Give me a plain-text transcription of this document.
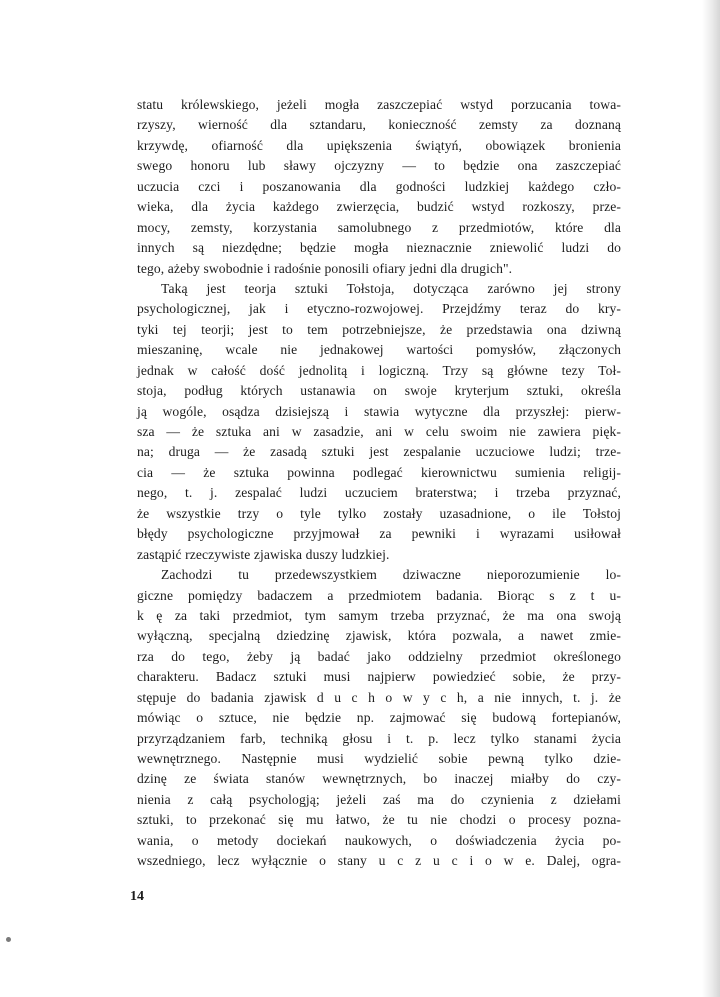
statu królewskiego, jeżeli mogła zaszczepiać wstyd porzucania towa-
rzyszy, wierność dla sztandaru, konieczność zemsty za doznaną
krzywdę, ofiarność dla upiększenia świątyń, obowiązek bronienia
swego honoru lub sławy ojczyzny — to będzie ona zaszczepiać
uczucia czci i poszanowania dla godności ludzkiej każdego czło-
wieka, dla życia każdego zwierzęcia, budzić wstyd rozkoszy, prze-
mocy, zemsty, korzystania samolubnego z przedmiotów, które dla
innych są niezdędne; będzie mogła nieznacznie zniewolić ludzi do
tego, ażeby swobodnie i radośnie ponosili ofiary jedni dla drugich".
Taką jest teorja sztuki Tołstoja, dotycząca zarówno jej strony
psychologicznej, jak i etyczno-rozwojowej. Przejdźmy teraz do kry-
tyki tej teorji; jest to tem potrzebniejsze, że przedstawia ona dziwną
mieszaninę, wcale nie jednakowej wartości pomysłów, złączonych
jednak w całość dość jednolitą i logiczną. Trzy są główne tezy Toł-
stoja, podług których ustanawia on swoje kryterjum sztuki, określa
ją wogóle, osądza dzisiejszą i stawia wytyczne dla przyszłej: pierw-
sza — że sztuka ani w zasadzie, ani w celu swoim nie zawiera pięk-
na; druga — że zasadą sztuki jest zespalanie uczuciowe ludzi; trze-
cia — że sztuka powinna podlegać kierownictwu sumienia religij-
nego, t. j. zespalać ludzi uczuciem braterstwa; i trzeba przyznać,
że wszystkie trzy o tyle tylko zostały uzasadnione, o ile Tołstoj
błędy psychologiczne przyjmował za pewniki i wyrazami usiłował
zastąpić rzeczywiste zjawiska duszy ludzkiej.
Zachodzi tu przedewszystkiem dziwaczne nieporozumienie lo-
giczne pomiędzy badaczem a przedmiotem badania. Biorąc s z t u-
k ę za taki przedmiot, tym samym trzeba przyznać, że ma ona swoją
wyłączną, specjalną dziedzinę zjawisk, która pozwala, a nawet zmie-
rza do tego, żeby ją badać jako oddzielny przedmiot określonego
charakteru. Badacz sztuki musi najpierw powiedzieć sobie, że przy-
stępuje do badania zjawisk d u c h o w y c h, a nie innych, t. j. że
mówiąc o sztuce, nie będzie np. zajmować się budową fortepianów,
przyrządzaniem farb, techniką głosu i t. p. lecz tylko stanami życia
wewnętrznego. Następnie musi wydzielić sobie pewną tylko dzie-
dzinę ze świata stanów wewnętrznych, bo inaczej miałby do czy-
nienia z całą psychologją; jeżeli zaś ma do czynienia z dziełami
sztuki, to przekonać się mu łatwo, że tu nie chodzi o procesy pozna-
wania, o metody dociekań naukowych, o doświadczenia życia po-
wszedniego, lecz wyłącznie o stany u c z u c i o w e. Dalej, ogra-
14
